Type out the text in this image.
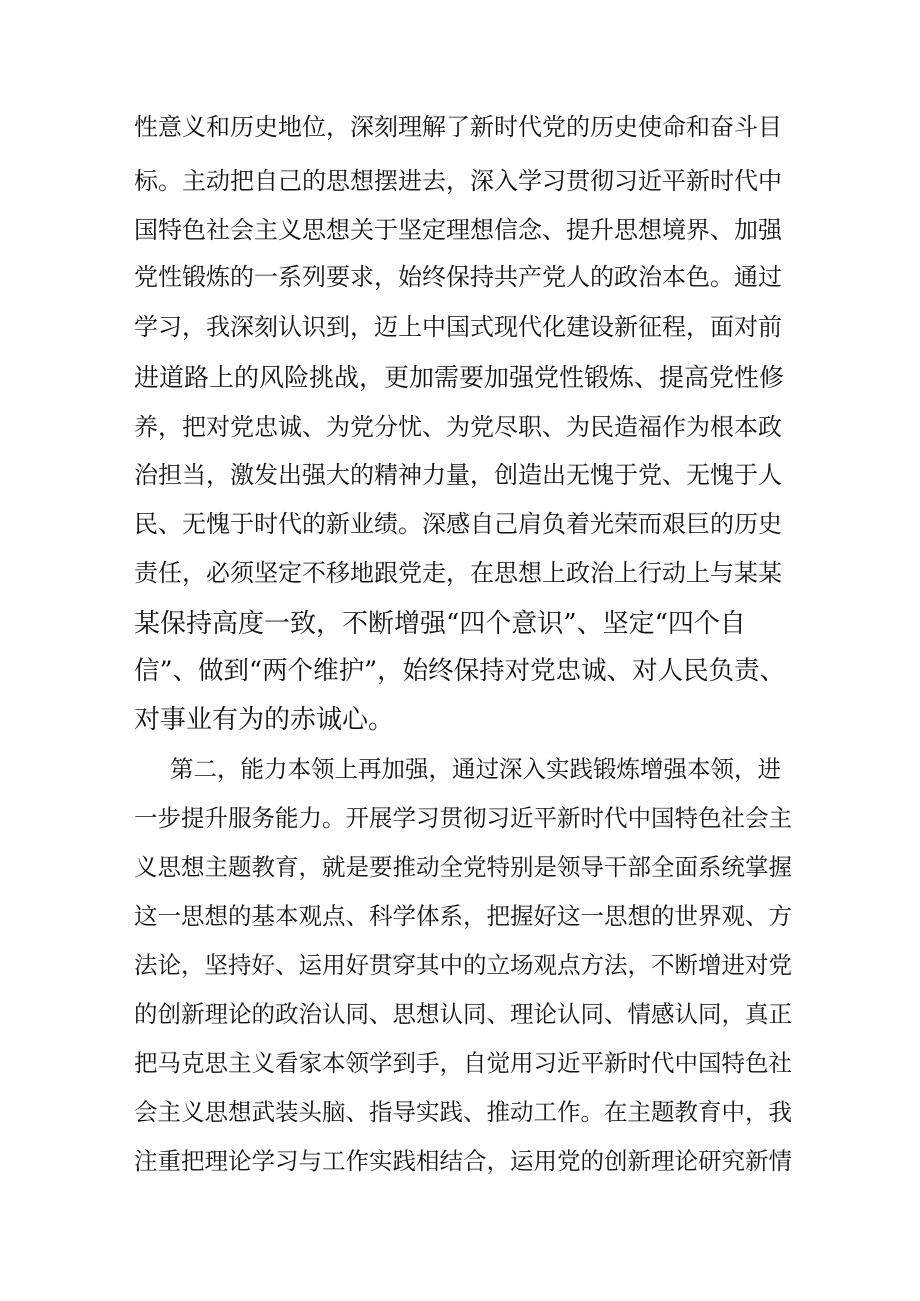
性意义和历史地位，深刻理解了新时代党的历史使命和奋斗目
标。主动把自己的思想摆进去，深入学习贯彻习近平新时代中
国特色社会主义思想关于坚定理想信念、提升思想境界、加强
党性锻炼的一系列要求，始终保持共产党人的政治本色。通过
学习，我深刻认识到，迈上中国式现代化建设新征程，面对前
进道路上的风险挑战，更加需要加强党性锻炼、提高党性修
养，把对党忠诚、为党分忧、为党尽职、为民造福作为根本政
治担当，激发出强大的精神力量，创造出无愧于党、无愧于人
民、无愧于时代的新业绩。深感自己肩负着光荣而艰巨的历史
责任，必须坚定不移地跟党走，在思想上政治上行动上与某某
某保持高度一致，不断增强“四个意识”、坚定“四个自
信”、做到“两个维护”，始终保持对党忠诚、对人民负责、
对事业有为的赤诚心。
第二，能力本领上再加强，通过深入实践锻炼增强本领，进
一步提升服务能力。开展学习贯彻习近平新时代中国特色社会主
义思想主题教育，就是要推动全党特别是领导干部全面系统掌握
这一思想的基本观点、科学体系，把握好这一思想的世界观、方
法论，坚持好、运用好贯穿其中的立场观点方法，不断增进对党
的创新理论的政治认同、思想认同、理论认同、情感认同，真正
把马克思主义看家本领学到手，自觉用习近平新时代中国特色社
会主义思想武装头脑、指导实践、推动工作。在主题教育中，我
注重把理论学习与工作实践相结合，运用党的创新理论研究新情
